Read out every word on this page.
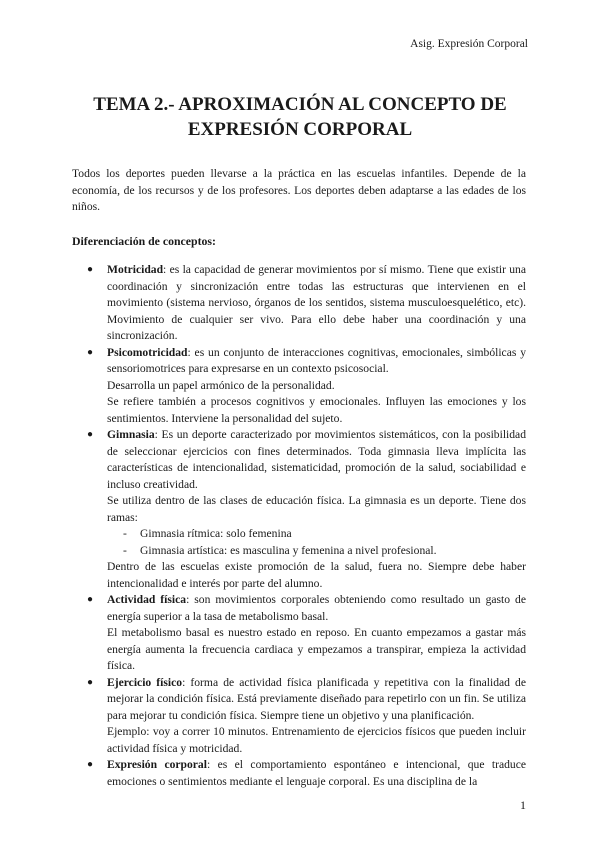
Asig. Expresión Corporal
TEMA 2.- APROXIMACIÓN AL CONCEPTO DE
EXPRESIÓN CORPORAL
Todos los deportes pueden llevarse a la práctica en las escuelas infantiles. Depende de la economía, de los recursos y de los profesores. Los deportes deben adaptarse a las edades de los niños.
Diferenciación de conceptos:
● Motricidad: es la capacidad de generar movimientos por sí mismo. Tiene que existir una coordinación y sincronización entre todas las estructuras que intervienen en el movimiento (sistema nervioso, órganos de los sentidos, sistema musculoesquelético, etc). Movimiento de cualquier ser vivo. Para ello debe haber una coordinación y una sincronización.

● Psicomotricidad: es un conjunto de interacciones cognitivas, emocionales, simbólicas y sensoriomotrices para expresarse en un contexto psicosocial.

Desarrolla un papel armónico de la personalidad.

Se refiere también a procesos cognitivos y emocionales. Influyen las emociones y los sentimientos. Interviene la personalidad del sujeto.

● Gimnasia: Es un deporte caracterizado por movimientos sistemáticos, con la posibilidad de seleccionar ejercicios con fines determinados. Toda gimnasia lleva implícita las características de intencionalidad, sistematicidad, promoción de la salud, sociabilidad e incluso creatividad.

Se utiliza dentro de las clases de educación física. La gimnasia es un deporte. Tiene dos ramas:

- Gimnasia rítmica: solo femenina
- Gimnasia artística: es masculina y femenina a nivel profesional.

Dentro de las escuelas existe promoción de la salud, fuera no. Siempre debe haber intencionalidad e interés por parte del alumno.

● Actividad física: son movimientos corporales obteniendo como resultado un gasto de energía superior a la tasa de metabolismo basal.

El metabolismo basal es nuestro estado en reposo. En cuanto empezamos a gastar más energía aumenta la frecuencia cardiaca y empezamos a transpirar, empieza la actividad física.

● Ejercicio físico: forma de actividad física planificada y repetitiva con la finalidad de mejorar la condición física. Está previamente diseñado para repetirlo con un fin. Se utiliza para mejorar tu condición física. Siempre tiene un objetivo y una planificación.

Ejemplo: voy a correr 10 minutos. Entrenamiento de ejercicios físicos que pueden incluir actividad física y motricidad.

● Expresión corporal: es el comportamiento espontáneo e intencional, que traduce emociones o sentimientos mediante el lenguaje corporal. Es una disciplina de la

1
